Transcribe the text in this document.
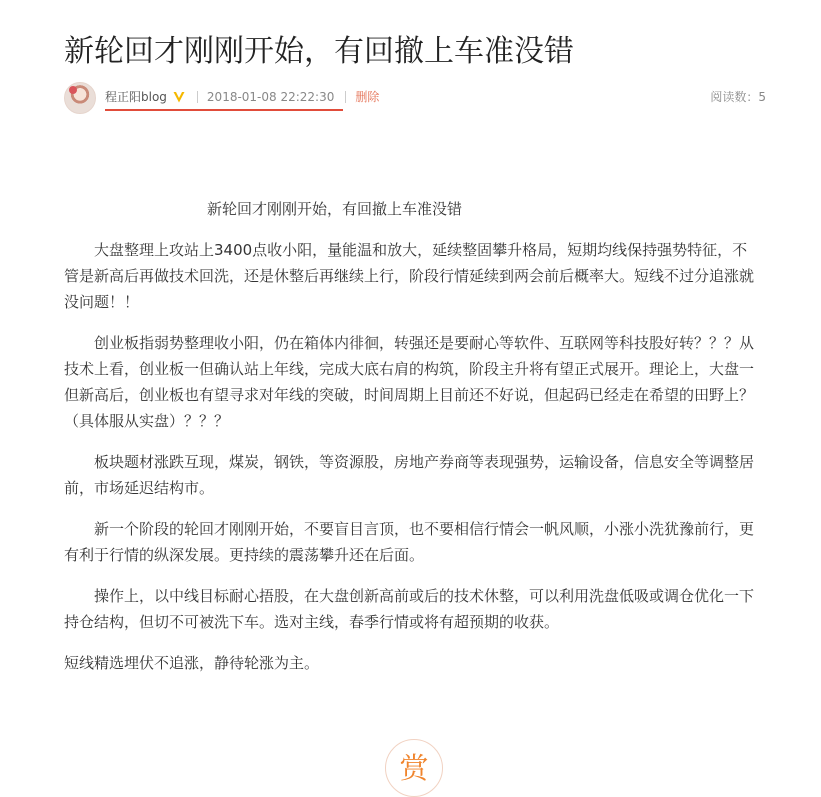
新轮回才刚刚开始，有回撤上车准没错
程正阳blog	2018-01-08 22:22:30 删除	阅读数：5

新轮回才刚刚开始，有回撤上车准没错

大盘整理上攻站上3400点收小阳，量能温和放大，延续整固攀升格局，短期均线保持强势特征，不管是新高后再做技术回洗，还是休整后再继续上行，阶段行情延续到两会前后概率大。短线不过分追涨就没问题！！

创业板指弱势整理收小阳，仍在箱体内徘徊，转强还是要耐心等软件、互联网等科技股好转？？？从技术上看，创业板一但确认站上年线，完成大底右肩的构筑，阶段主升将有望正式展开。理论上，大盘一但新高后，创业板也有望寻求对年线的突破，时间周期上目前还不好说，但起码已经走在希望的田野上？（具体服从实盘）？？？

板块题材涨跌互现，煤炭，钢铁，等资源股，房地产券商等表现强势，运输设备，信息安全等调整居前，市场延迟结构市。

新一个阶段的轮回才刚刚开始，不要盲目言顶，也不要相信行情会一帆风顺，小涨小洗犹豫前行，更有利于行情的纵深发展。更持续的震荡攀升还在后面。

操作上，以中线目标耐心捂股，在大盘创新高前或后的技术休整，可以利用洗盘低吸或调仓优化一下持仓结构，但切不可被洗下车。选对主线，春季行情或将有超预期的收获。

短线精选埋伏不追涨，静待轮涨为主。

赏
